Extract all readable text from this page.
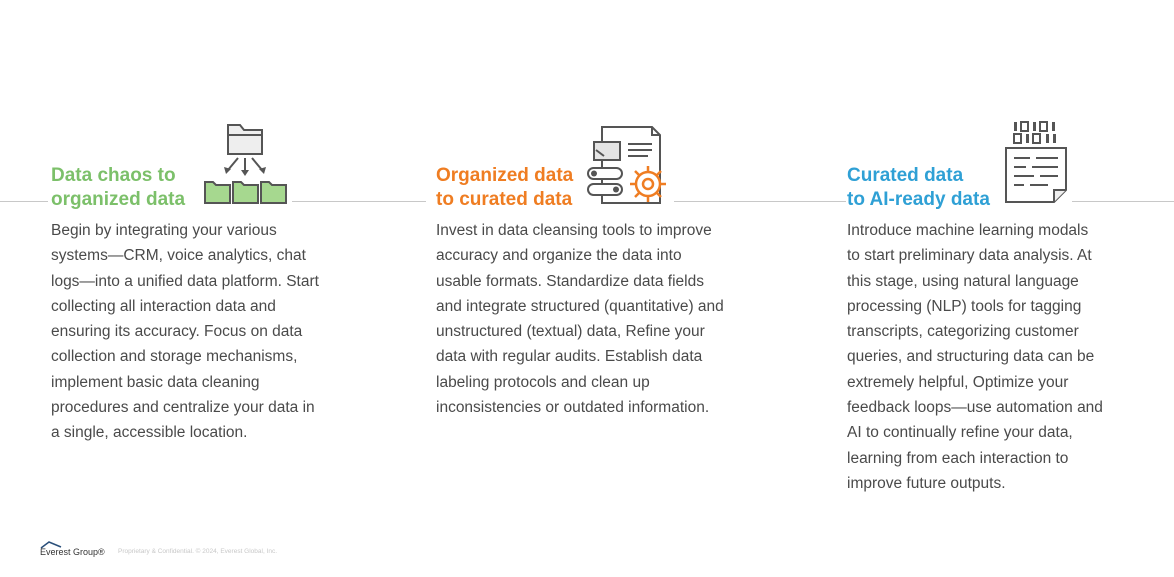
Data chaos to
organized data
Begin by integrating your various
systems—CRM, voice analytics, chat
logs—into a unified data platform. Start
collecting all interaction data and
ensuring its accuracy. Focus on data
collection and storage mechanisms,
implement basic data cleaning
procedures and centralize your data in
a single, accessible location.
Organized data
to curated data
Invest in data cleansing tools to improve
accuracy and organize the data into
usable formats. Standardize data fields
and integrate structured (quantitative) and
unstructured (textual) data, Refine your
data with regular audits. Establish data
labeling protocols and clean up
inconsistencies or outdated information.
Curated data
to AI-ready data
Introduce machine learning modals
to start preliminary data analysis. At
this stage, using natural language
processing (NLP) tools for tagging
transcripts, categorizing customer
queries, and structuring data can be
extremely helpful, Optimize your
feedback loops—use automation and
AI to continually refine your data,
learning from each interaction to
improve future outputs.
Everest Group® Proprietary & Confidential. © 2024, Everest Global, Inc.
